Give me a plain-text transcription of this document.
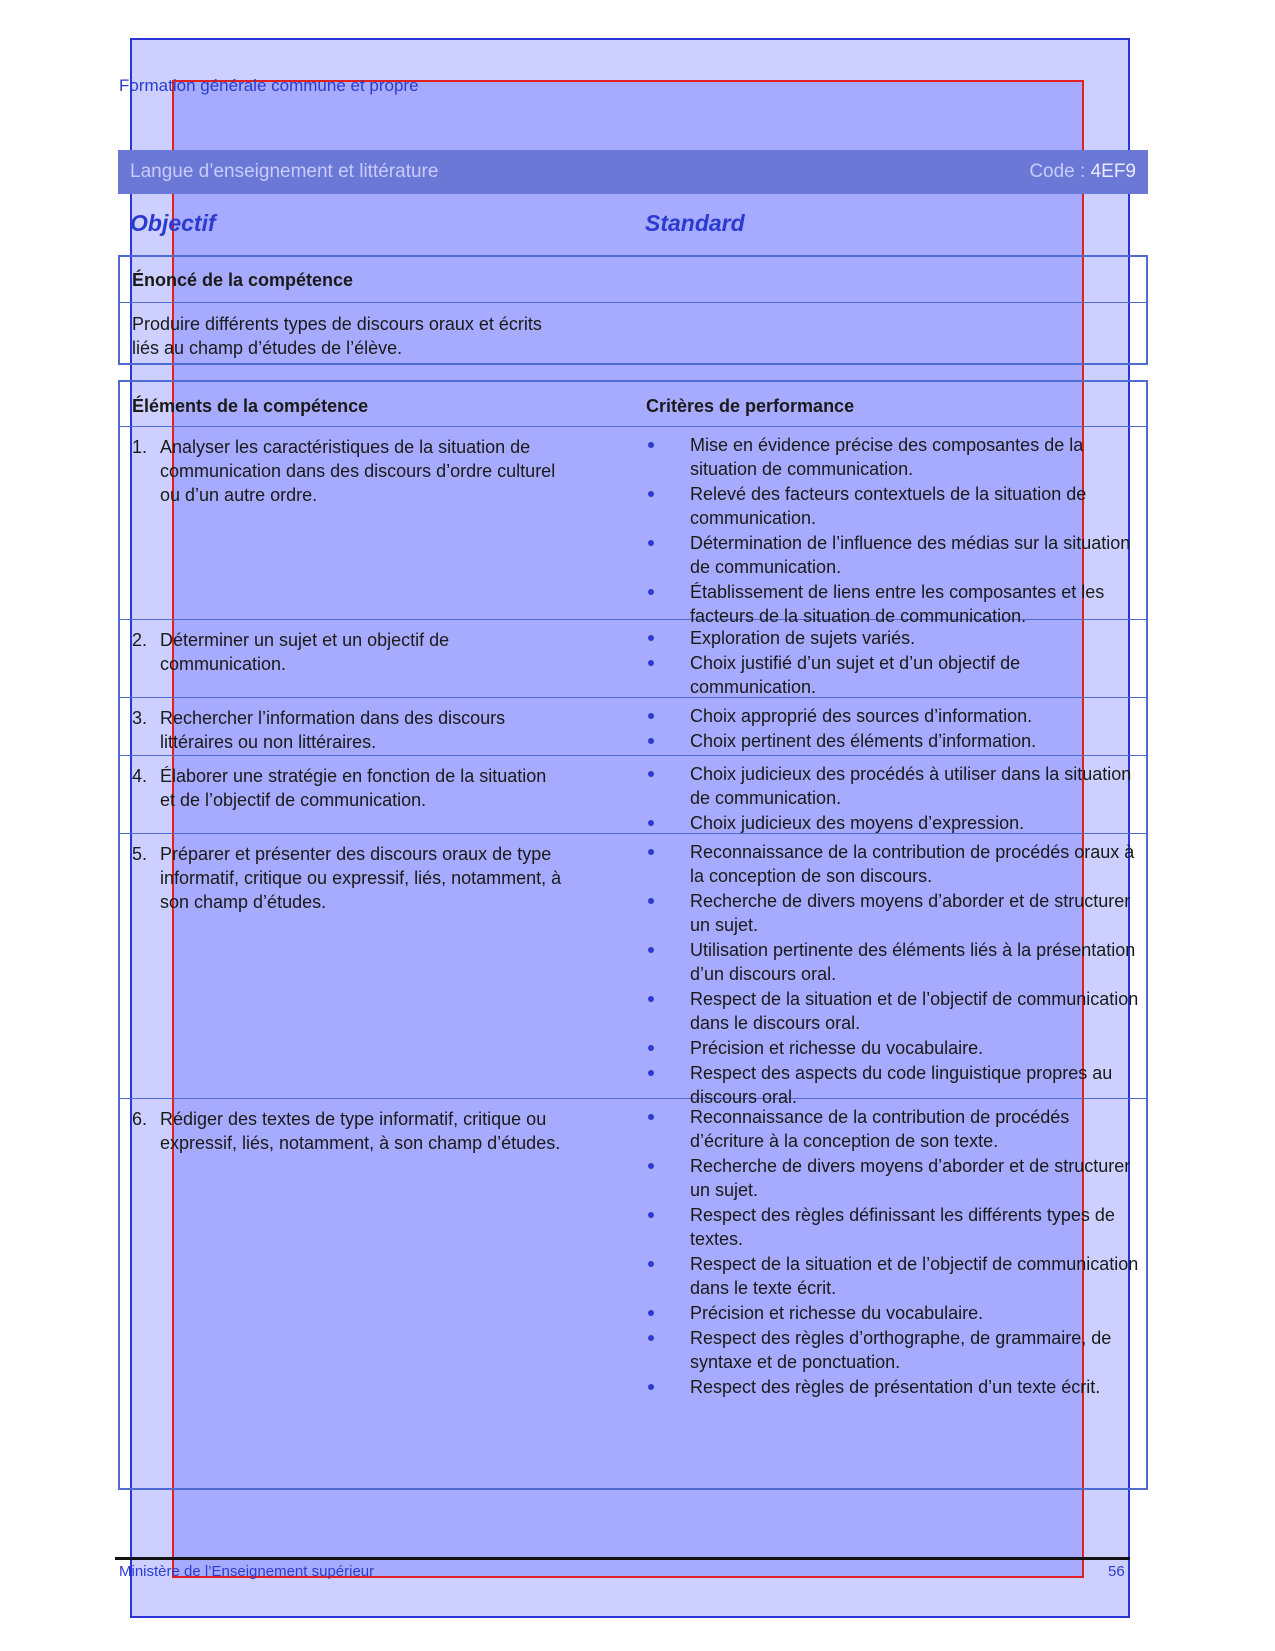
Formation générale commune et propre
Langue d’enseignement et littérature	Code : 4EF9
Objectif	Standard
Énoncé de la compétence
Produire différents types de discours oraux et écrits liés au champ d’études de l’élève.
Éléments de la compétence	Critères de performance
1. Analyser les caractéristiques de la situation de communication dans des discours d’ordre culturel ou d’un autre ordre.
Mise en évidence précise des composantes de la situation de communication.
Relevé des facteurs contextuels de la situation de communication.
Détermination de l’influence des médias sur la situation de communication.
Établissement de liens entre les composantes et les facteurs de la situation de communication.
2. Déterminer un sujet et un objectif de communication.
Exploration de sujets variés.
Choix justifié d’un sujet et d’un objectif de communication.
3. Rechercher l’information dans des discours littéraires ou non littéraires.
Choix approprié des sources d’information.
Choix pertinent des éléments d’information.
4. Élaborer une stratégie en fonction de la situation et de l’objectif de communication.
Choix judicieux des procédés à utiliser dans la situation de communication.
Choix judicieux des moyens d’expression.
5. Préparer et présenter des discours oraux de type informatif, critique ou expressif, liés, notamment, à son champ d’études.
Reconnaissance de la contribution de procédés oraux à la conception de son discours.
Recherche de divers moyens d’aborder et de structurer un sujet.
Utilisation pertinente des éléments liés à la présentation d’un discours oral.
Respect de la situation et de l’objectif de communication dans le discours oral.
Précision et richesse du vocabulaire.
Respect des aspects du code linguistique propres au discours oral.
6. Rédiger des textes de type informatif, critique ou expressif, liés, notamment, à son champ d’études.
Reconnaissance de la contribution de procédés d’écriture à la conception de son texte.
Recherche de divers moyens d’aborder et de structurer un sujet.
Respect des règles définissant les différents types de textes.
Respect de la situation et de l’objectif de communication dans le texte écrit.
Précision et richesse du vocabulaire.
Respect des règles d’orthographe, de grammaire, de syntaxe et de ponctuation.
Respect des règles de présentation d’un texte écrit.
Ministère de l’Enseignement supérieur	56
